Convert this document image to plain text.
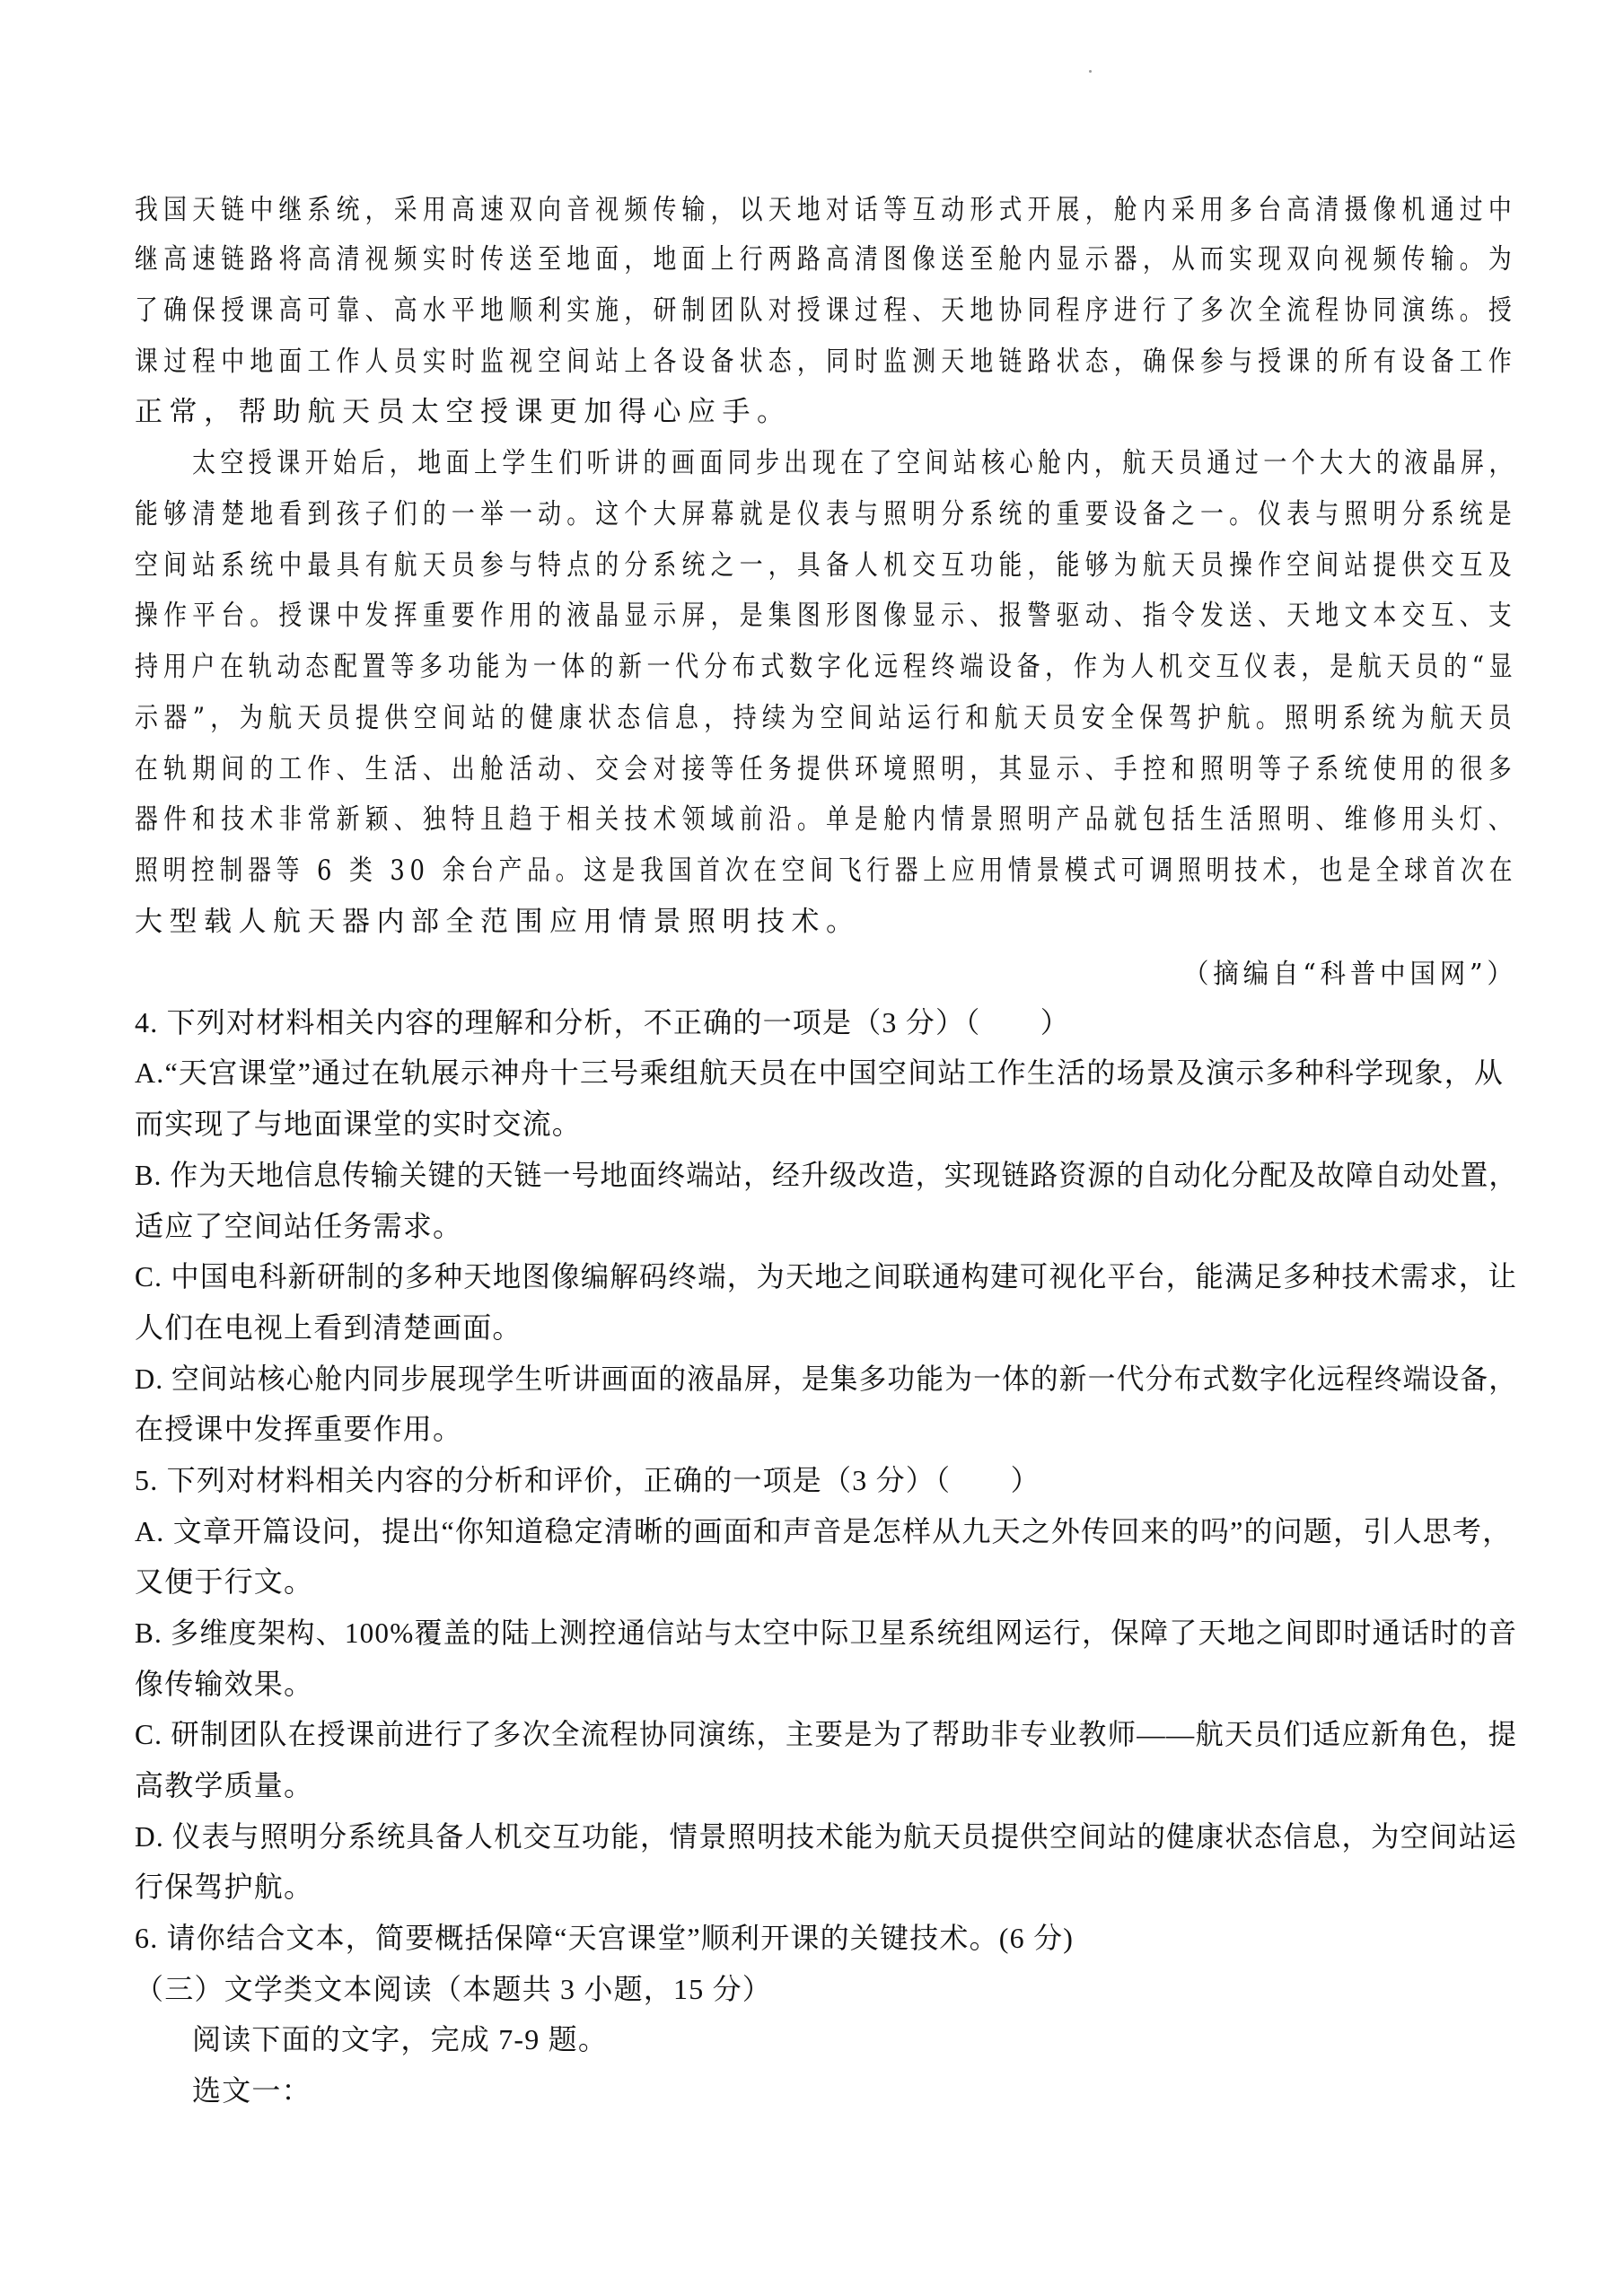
我国天链中继系统，采用高速双向音视频传输，以天地对话等互动形式开展，舱内采用多台高清摄像机通过中

继高速链路将高清视频实时传送至地面，地面上行两路高清图像送至舱内显示器，从而实现双向视频传输。为

了确保授课高可靠、高水平地顺利实施，研制团队对授课过程、天地协同程序进行了多次全流程协同演练。授

课过程中地面工作人员实时监视空间站上各设备状态，同时监测天地链路状态，确保参与授课的所有设备工作

正常，帮助航天员太空授课更加得心应手。

太空授课开始后，地面上学生们听讲的画面同步出现在了空间站核心舱内，航天员通过一个大大的液晶屏，

能够清楚地看到孩子们的一举一动。这个大屏幕就是仪表与照明分系统的重要设备之一。仪表与照明分系统是

空间站系统中最具有航天员参与特点的分系统之一，具备人机交互功能，能够为航天员操作空间站提供交互及

操作平台。授课中发挥重要作用的液晶显示屏，是集图形图像显示、报警驱动、指令发送、天地文本交互、支

持用户在轨动态配置等多功能为一体的新一代分布式数字化远程终端设备，作为人机交互仪表，是航天员的“显

示器”，为航天员提供空间站的健康状态信息，持续为空间站运行和航天员安全保驾护航。照明系统为航天员

在轨期间的工作、生活、出舱活动、交会对接等任务提供环境照明，其显示、手控和照明等子系统使用的很多

器件和技术非常新颖、独特且趋于相关技术领域前沿。单是舱内情景照明产品就包括生活照明、维修用头灯、

照明控制器等 6 类 30 余台产品。这是我国首次在空间飞行器上应用情景模式可调照明技术，也是全球首次在

大型载人航天器内部全范围应用情景照明技术。

（摘编自“科普中国网”）

4. 下列对材料相关内容的理解和分析，不正确的一项是（3 分）（　　）

A.“天宫课堂”通过在轨展示神舟十三号乘组航天员在中国空间站工作生活的场景及演示多种科学现象，从

而实现了与地面课堂的实时交流。

B. 作为天地信息传输关键的天链一号地面终端站，经升级改造，实现链路资源的自动化分配及故障自动处置，

适应了空间站任务需求。

C. 中国电科新研制的多种天地图像编解码终端，为天地之间联通构建可视化平台，能满足多种技术需求，让

人们在电视上看到清楚画面。

D. 空间站核心舱内同步展现学生听讲画面的液晶屏，是集多功能为一体的新一代分布式数字化远程终端设备，

在授课中发挥重要作用。

5. 下列对材料相关内容的分析和评价，正确的一项是（3 分）（　　）

A. 文章开篇设问，提出“你知道稳定清晰的画面和声音是怎样从九天之外传回来的吗”的问题，引人思考，

又便于行文。

B. 多维度架构、100%覆盖的陆上测控通信站与太空中际卫星系统组网运行，保障了天地之间即时通话时的音

像传输效果。

C. 研制团队在授课前进行了多次全流程协同演练，主要是为了帮助非专业教师——航天员们适应新角色，提

高教学质量。

D. 仪表与照明分系统具备人机交互功能，情景照明技术能为航天员提供空间站的健康状态信息，为空间站运

行保驾护航。

6. 请你结合文本，简要概括保障“天宫课堂”顺利开课的关键技术。(6 分)

（三）文学类文本阅读（本题共 3 小题，15 分）

阅读下面的文字，完成 7-9 题。

选文一：
